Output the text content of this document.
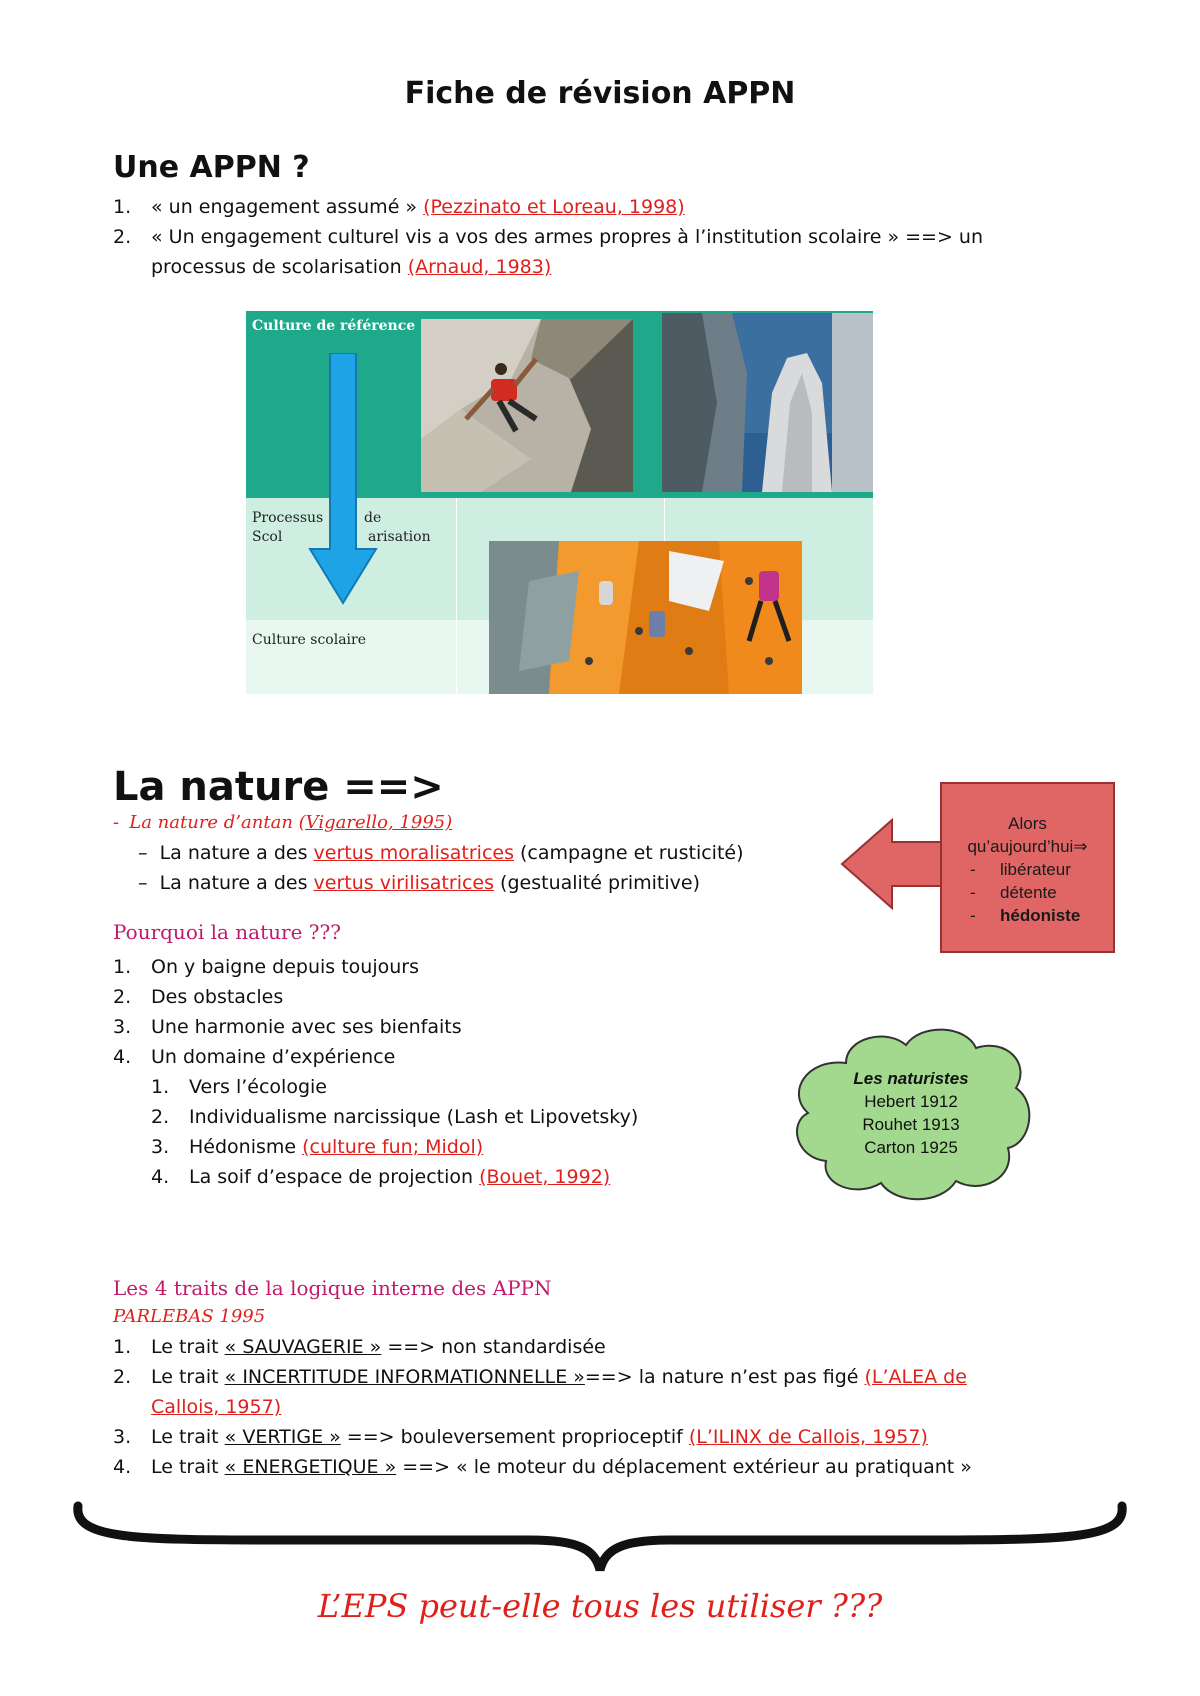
Fiche de révision APPN
Une APPN ?
1. « un engagement assumé » (Pezzinato et Loreau, 1998)
2. « Un engagement culturel vis a vos des armes propres à l’institution scolaire » ==> un
processus de scolarisation (Arnaud, 1983)
Culture de référence
Processus	de
Scol	arisation
Culture scolaire
La nature ==>
- La nature d’antan (Vigarello, 1995)
–  La nature a des vertus moralisatrices (campagne et rusticité)
–  La nature a des vertus virilisatrices (gestualité primitive)
Pourquoi la nature ???
1. On y baigne depuis toujours
2. Des obstacles
3. Une harmonie avec ses bienfaits
4. Un domaine d’expérience
1. Vers l’écologie
2. Individualisme narcissique (Lash et Lipovetsky)
3. Hédonisme (culture fun; Midol)
4. La soif d’espace de projection (Bouet, 1992)
Alors
qu’aujourd’hui⇒
- libérateur
- détente
- hédoniste
Les naturistes
Hebert 1912
Rouhet 1913
Carton 1925
Les 4 traits de la logique interne des APPN
PARLEBAS 1995
1. Le trait « SAUVAGERIE » ==> non standardisée
2. Le trait « INCERTITUDE INFORMATIONNELLE »==> la nature n’est pas figé (L’ALEA de
Callois, 1957)
3. Le trait « VERTIGE » ==> bouleversement proprioceptif (L’ILINX de Callois, 1957)
4. Le trait « ENERGETIQUE » ==> « le moteur du déplacement extérieur au pratiquant »
L’EPS peut-elle tous les utiliser ???
